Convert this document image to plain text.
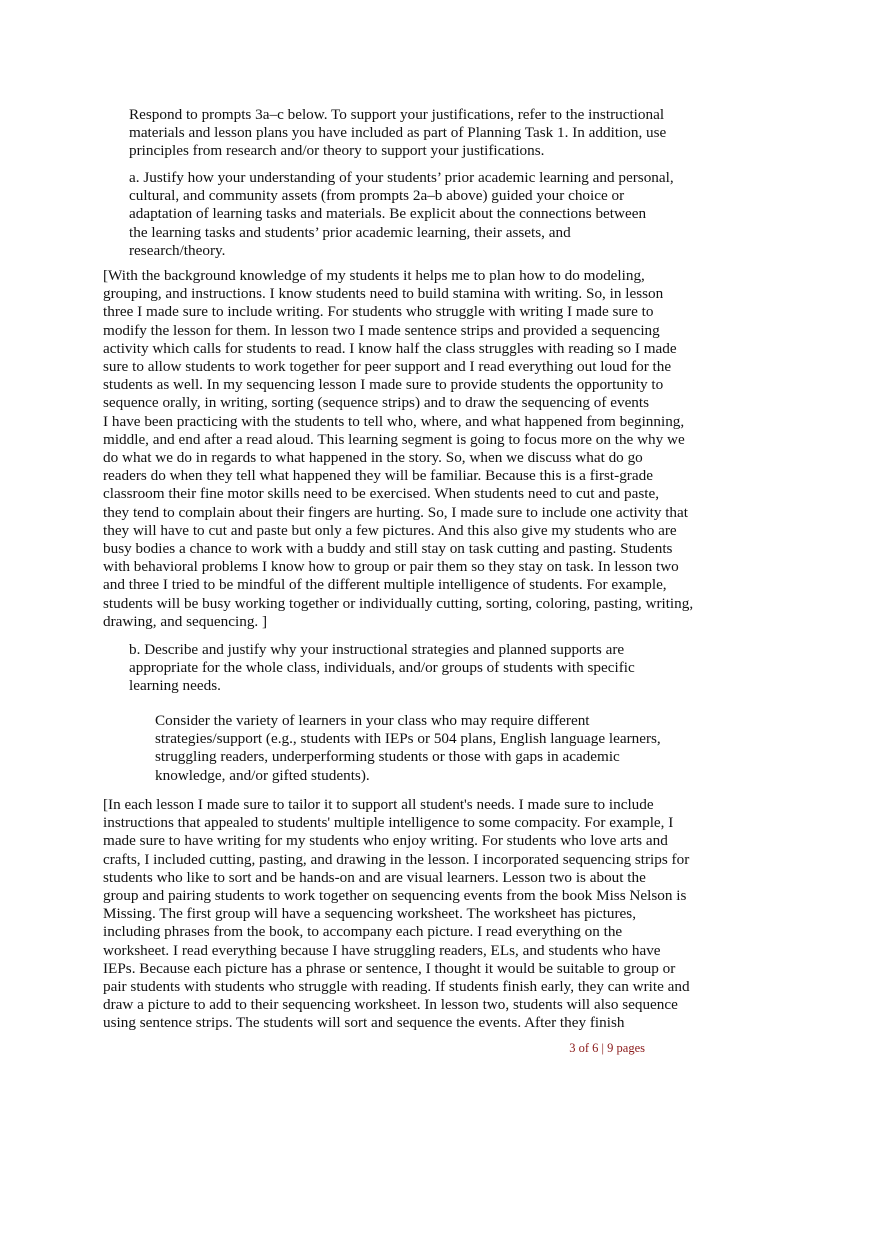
Respond to prompts 3a–c below. To support your justifications, refer to the instructional
materials and lesson plans you have included as part of Planning Task 1. In addition, use
principles from research and/or theory to support your justifications.
a. Justify how your understanding of your students’ prior academic learning and personal,
cultural, and community assets (from prompts 2a–b above) guided your choice or
adaptation of learning tasks and materials. Be explicit about the connections between
the learning tasks and students’ prior academic learning, their assets, and
research/theory.
[With the background knowledge of my students it helps me to plan how to do modeling,
grouping, and instructions. I know students need to build stamina with writing. So, in lesson
three I made sure to include writing. For students who struggle with writing I made sure to
modify the lesson for them. In lesson two I made sentence strips and provided a sequencing
activity which calls for students to read. I know half the class struggles with reading so I made
sure to allow students to work together for peer support and I read everything out loud for the
students as well. In my sequencing lesson I made sure to provide students the opportunity to
sequence orally, in writing, sorting (sequence strips) and to draw the sequencing of events
I have been practicing with the students to tell who, where, and what happened from beginning,
middle, and end after a read aloud. This learning segment is going to focus more on the why we
do what we do in regards to what happened in the story. So, when we discuss what do go
readers do when they tell what happened they will be familiar. Because this is a first-grade
classroom their fine motor skills need to be exercised. When students need to cut and paste,
they tend to complain about their fingers are hurting. So, I made sure to include one activity that
they will have to cut and paste but only a few pictures. And this also give my students who are
busy bodies a chance to work with a buddy and still stay on task cutting and pasting. Students
with behavioral problems I know how to group or pair them so they stay on task. In lesson two
and three I tried to be mindful of the different multiple intelligence of students. For example,
students will be busy working together or individually cutting, sorting, coloring, pasting, writing,
drawing, and sequencing. ]
b. Describe and justify why your instructional strategies and planned supports are
appropriate for the whole class, individuals, and/or groups of students with specific
learning needs.
Consider the variety of learners in your class who may require different
strategies/support (e.g., students with IEPs or 504 plans, English language learners,
struggling readers, underperforming students or those with gaps in academic
knowledge, and/or gifted students).
[In each lesson I made sure to tailor it to support all student's needs. I made sure to include
instructions that appealed to students' multiple intelligence to some compacity. For example, I
made sure to have writing for my students who enjoy writing. For students who love arts and
crafts, I included cutting, pasting, and drawing in the lesson. I incorporated sequencing strips for
students who like to sort and be hands-on and are visual learners. Lesson two is about the
group and pairing students to work together on sequencing events from the book Miss Nelson is
Missing. The first group will have a sequencing worksheet. The worksheet has pictures,
including phrases from the book, to accompany each picture. I read everything on the
worksheet. I read everything because I have struggling readers, ELs, and students who have
IEPs. Because each picture has a phrase or sentence, I thought it would be suitable to group or
pair students with students who struggle with reading. If students finish early, they can write and
draw a picture to add to their sequencing worksheet. In lesson two, students will also sequence
using sentence strips. The students will sort and sequence the events. After they finish
3 of 6 | 9 pages
